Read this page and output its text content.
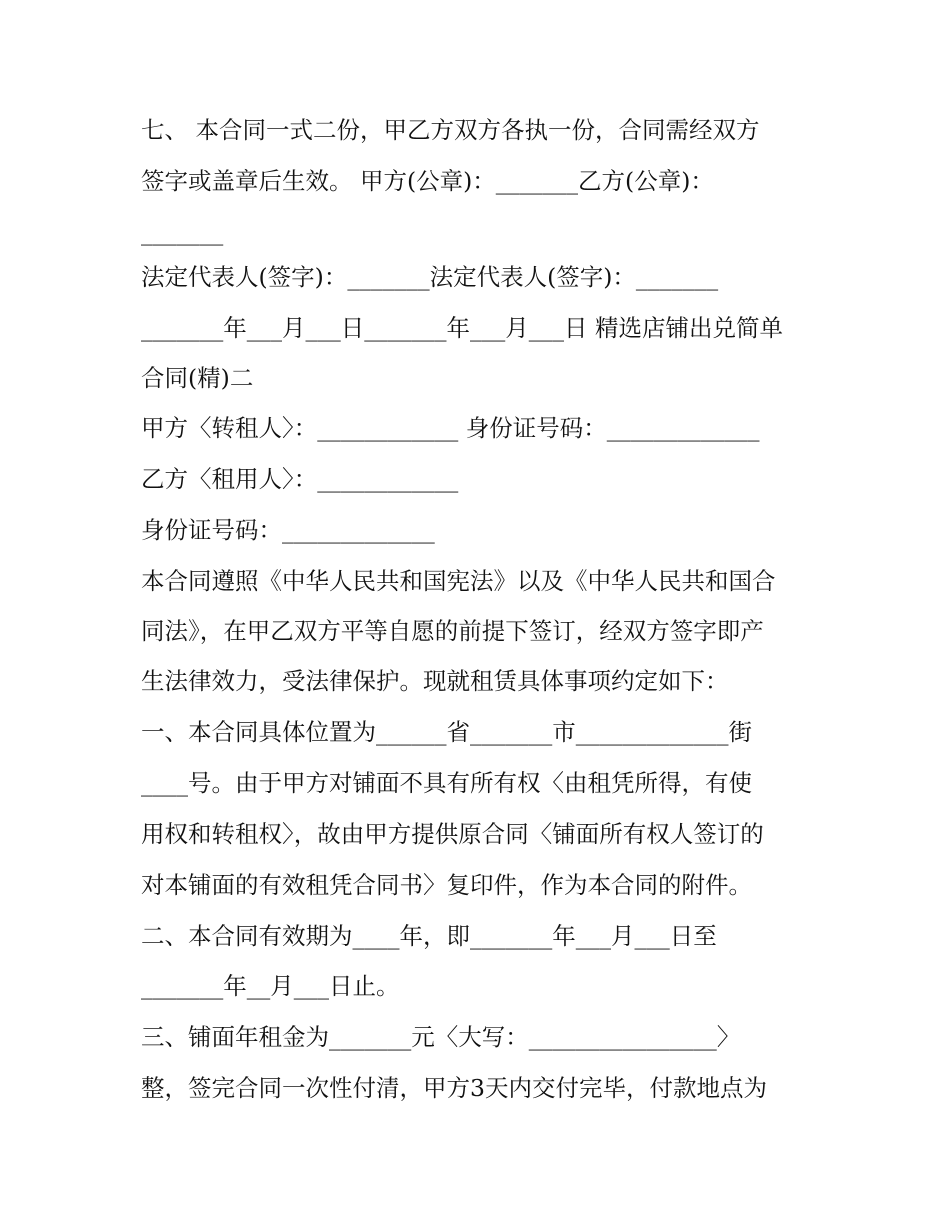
七、 本合同一式二份，甲乙方双方各执一份，合同需经双方

签字或盖章后生效。 甲方(公章)：_______乙方(公章)：

_______

法定代表人(签字)：_______法定代表人(签字)：_______

_______年___月___日_______年___月___日 精选店铺出兑简单

合同(精)二

甲方〈转租人〉：____________ 身份证号码：_____________

乙方〈租用人〉：____________

身份证号码：_____________

本合同遵照《中华人民共和国宪法》以及《中华人民共和国合

同法》，在甲乙双方平等自愿的前提下签订，经双方签字即产

生法律效力，受法律保护。现就租赁具体事项约定如下：

一、本合同具体位置为______省_______市_____________街

____号。由于甲方对铺面不具有所有权〈由租凭所得，有使

用权和转租权〉，故由甲方提供原合同〈铺面所有权人签订的

对本铺面的有效租凭合同书〉复印件，作为本合同的附件。

二、本合同有效期为____年，即_______年___月___日至

_______年__月___日止。

三、铺面年租金为_______元〈大写：________________〉

整，签完合同一次性付清，甲方3天内交付完毕，付款地点为
